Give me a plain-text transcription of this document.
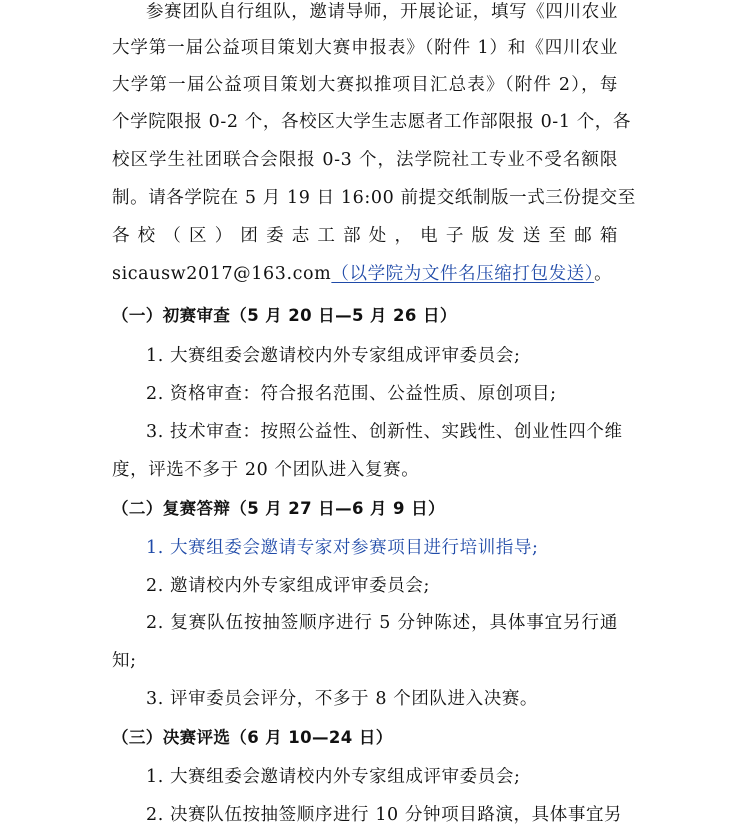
参赛团队自行组队，邀请导师，开展论证，填写《四川农业
大学第一届公益项目策划大赛申报表》（附件 1）和《四川农业
大学第一届公益项目策划大赛拟推项目汇总表》（附件 2），每
个学院限报 0-2 个，各校区大学生志愿者工作部限报 0-1 个，各
校区学生社团联合会限报 0-3 个，法学院社工专业不受名额限
制。请各学院在 5 月 19 日 16:00 前提交纸制版一式三份提交至
各校（区）团委志工部处，电子版发送至邮箱
sicausw2017@163.com（以学院为文件名压缩打包发送）。
（一）初赛审查（5 月 20 日—5 月 26 日）
1. 大赛组委会邀请校内外专家组成评审委员会;
2. 资格审查：符合报名范围、公益性质、原创项目;
3. 技术审查：按照公益性、创新性、实践性、创业性四个维
度，评选不多于 20 个团队进入复赛。
（二）复赛答辩（5 月 27 日—6 月 9 日）
1. 大赛组委会邀请专家对参赛项目进行培训指导;
2. 邀请校内外专家组成评审委员会;
2. 复赛队伍按抽签顺序进行 5 分钟陈述，具体事宜另行通
知;
3. 评审委员会评分，不多于 8 个团队进入决赛。
（三）决赛评选（6 月 10—24 日）
1. 大赛组委会邀请校内外专家组成评审委员会;
2. 决赛队伍按抽签顺序进行 10 分钟项目路演，具体事宜另
